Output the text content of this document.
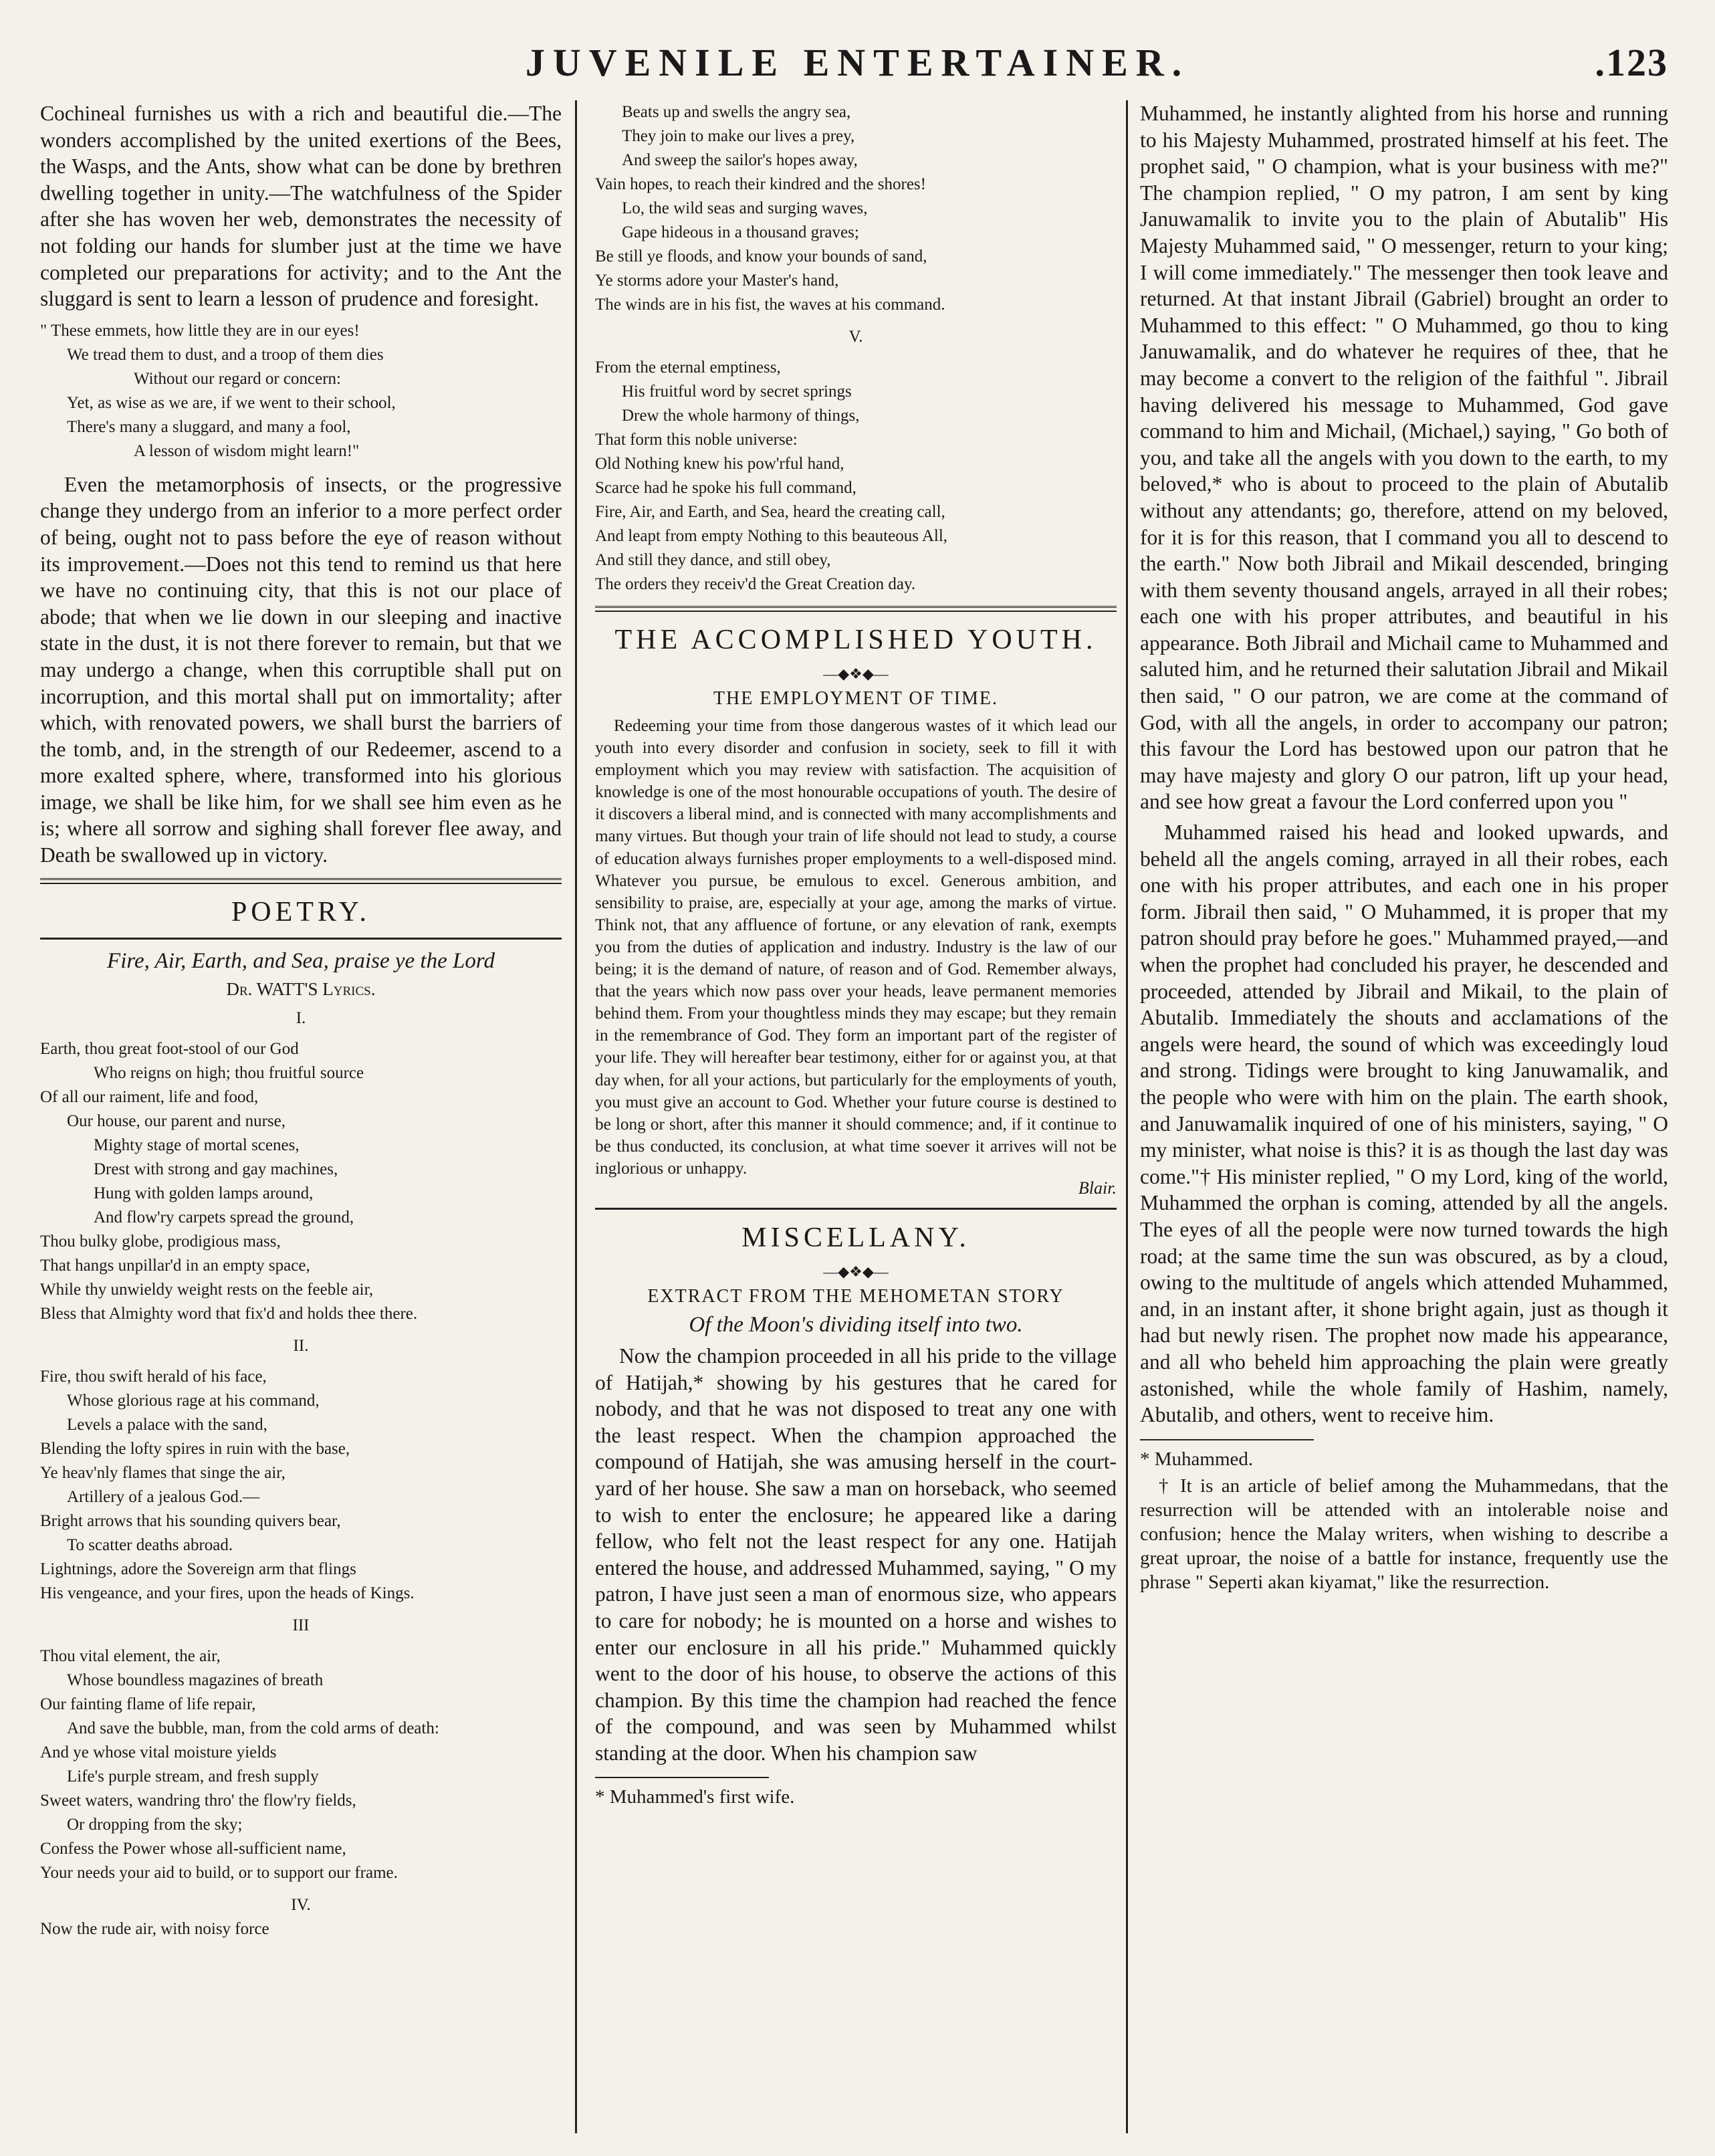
JUVENILE ENTERTAINER.	.123

Cochineal furnishes us with a rich and beautiful die.—The wonders accomplished by the united exertions of the Bees, the Wasps, and the Ants, show what can be done by brethren dwelling together in unity.—The watchfulness of the Spider after she has woven her web, demonstrates the necessity of not folding our hands for slumber just at the time we have completed our preparations for activity; and to the Ant the sluggard is sent to learn a lesson of prudence and foresight.

" These emmets, how little they are in our eyes!
We tread them to dust, and a troop of them dies
Without our regard or concern:
Yet, as wise as we are, if we went to their school,
There's many a sluggard, and many a fool,
A lesson of wisdom might learn!"

Even the metamorphosis of insects, or the progressive change they undergo from an inferior to a more perfect order of being, ought not to pass before the eye of reason without its improvement.—Does not this tend to remind us that here we have no continuing city, that this is not our place of abode; that when we lie down in our sleeping and inactive state in the dust, it is not there forever to remain, but that we may undergo a change, when this corruptible shall put on incorruption, and this mortal shall put on immortality; after which, with renovated powers, we shall burst the barriers of the tomb, and, in the strength of our Redeemer, ascend to a more exalted sphere, where, transformed into his glorious image, we shall be like him, for we shall see him even as he is; where all sorrow and sighing shall forever flee away, and Death be swallowed up in victory.

POETRY.
Fire, Air, Earth, and Sea, praise ye the Lord
Dr. WATT'S Lyrics.
I.
Earth, thou great foot-stool of our God
Who reigns on high; thou fruitful source
Of all our raiment, life and food,
Our house, our parent and nurse,
Mighty stage of mortal scenes,
Drest with strong and gay machines,
Hung with golden lamps around,
And flow'ry carpets spread the ground,
Thou bulky globe, prodigious mass,
That hangs unpillar'd in an empty space,
While thy unwieldy weight rests on the feeble air,
Bless that Almighty word that fix'd and holds thee there.
II.
Fire, thou swift herald of his face,
Whose glorious rage at his command,
Levels a palace with the sand,
Blending the lofty spires in ruin with the base,
Ye heav'nly flames that singe the air,
Artillery of a jealous God.—
Bright arrows that his sounding quivers bear,
To scatter deaths abroad.
Lightnings, adore the Sovereign arm that flings
His vengeance, and your fires, upon the heads of Kings.
III
Thou vital element, the air,
Whose boundless magazines of breath
Our fainting flame of life repair,
And save the bubble, man, from the cold arms of death:
And ye whose vital moisture yields
Life's purple stream, and fresh supply
Sweet waters, wandring thro' the flow'ry fields,
Or dropping from the sky;
Confess the Power whose all-sufficient name,
Your needs your aid to build, or to support our frame.
IV.
Now the rude air, with noisy force
Beats up and swells the angry sea,
They join to make our lives a prey,
And sweep the sailor's hopes away,
Vain hopes, to reach their kindred and the shores!
Lo, the wild seas and surging waves,
Gape hideous in a thousand graves;
Be still ye floods, and know your bounds of sand,
Ye storms adore your Master's hand,
The winds are in his fist, the waves at his command.
V.
From the eternal emptiness,
His fruitful word by secret springs
Drew the whole harmony of things,
That form this noble universe:
Old Nothing knew his pow'rful hand,
Scarce had he spoke his full command,
Fire, Air, and Earth, and Sea, heard the creating call,
And leapt from empty Nothing to this beauteous All,
And still they dance, and still obey,
The orders they receiv'd the Great Creation day.
THE ACCOMPLISHED YOUTH.
—◆❖◆—
THE EMPLOYMENT OF TIME.

Redeeming your time from those dangerous wastes of it which lead our youth into every disorder and confusion in society, seek to fill it with employment which you may review with satisfaction. The acquisition of knowledge is one of the most honourable occupations of youth. The desire of it discovers a liberal mind, and is connected with many accomplishments and many virtues. But though your train of life should not lead to study, a course of education always furnishes proper employments to a well-disposed mind. Whatever you pursue, be emulous to excel. Generous ambition, and sensibility to praise, are, especially at your age, among the marks of virtue. Think not, that any affluence of fortune, or any elevation of rank, exempts you from the duties of application and industry. Industry is the law of our being; it is the demand of nature, of reason and of God. Remember always, that the years which now pass over your heads, leave permanent memories behind them. From your thoughtless minds they may escape; but they remain in the remembrance of God. They form an important part of the register of your life. They will hereafter bear testimony, either for or against you, at that day when, for all your actions, but particularly for the employments of youth, you must give an account to God. Whether your future course is destined to be long or short, after this manner it should commence; and, if it continue to be thus conducted, its conclusion, at what time soever it arrives will not be inglorious or unhappy.

Blair.
MISCELLANY.
—◆❖◆—
EXTRACT FROM THE MEHOMETAN STORY
Of the Moon's dividing itself into two.

Now the champion proceeded in all his pride to the village of Hatijah,* showing by his gestures that he cared for nobody, and that he was not disposed to treat any one with the least respect. When the champion approached the compound of Hatijah, she was amusing herself in the court-yard of her house. She saw a man on horseback, who seemed to wish to enter the enclosure; he appeared like a daring fellow, who felt not the least respect for any one. Hatijah entered the house, and addressed Muhammed, saying, " O my patron, I have just seen a man of enormous size, who appears to care for nobody; he is mounted on a horse and wishes to enter our enclosure in all his pride." Muhammed quickly went to the door of his house, to observe the actions of this champion. By this time the champion had reached the fence of the compound, and was seen by Muhammed whilst standing at the door. When his champion saw

* Muhammed's first wife.

Muhammed, he instantly alighted from his horse and running to his Majesty Muhammed, prostrated himself at his feet. The prophet said, " O champion, what is your business with me?" The champion replied, " O my patron, I am sent by king Januwamalik to invite you to the plain of Abutalib" His Majesty Muhammed said, " O messenger, return to your king; I will come immediately." The messenger then took leave and returned. At that instant Jibrail (Gabriel) brought an order to Muhammed to this effect: " O Muhammed, go thou to king Januwamalik, and do whatever he requires of thee, that he may become a convert to the religion of the faithful ". Jibrail having delivered his message to Muhammed, God gave command to him and Michail, (Michael,) saying, " Go both of you, and take all the angels with you down to the earth, to my beloved,* who is about to proceed to the plain of Abutalib without any attendants; go, therefore, attend on my beloved, for it is for this reason, that I command you all to descend to the earth." Now both Jibrail and Mikail descended, bringing with them seventy thousand angels, arrayed in all their robes; each one with his proper attributes, and beautiful in his appearance. Both Jibrail and Michail came to Muhammed and saluted him, and he returned their salutation Jibrail and Mikail then said, " O our patron, we are come at the command of God, with all the angels, in order to accompany our patron; this favour the Lord has bestowed upon our patron that he may have majesty and glory O our patron, lift up your head, and see how great a favour the Lord conferred upon you "

Muhammed raised his head and looked upwards, and beheld all the angels coming, arrayed in all their robes, each one with his proper attributes, and each one in his proper form. Jibrail then said, " O Muhammed, it is proper that my patron should pray before he goes." Muhammed prayed,—and when the prophet had concluded his prayer, he descended and proceeded, attended by Jibrail and Mikail, to the plain of Abutalib. Immediately the shouts and acclamations of the angels were heard, the sound of which was exceedingly loud and strong. Tidings were brought to king Januwamalik, and the people who were with him on the plain. The earth shook, and Januwamalik inquired of one of his ministers, saying, " O my minister, what noise is this? it is as though the last day was come."† His minister replied, " O my Lord, king of the world, Muhammed the orphan is coming, attended by all the angels. The eyes of all the people were now turned towards the high road; at the same time the sun was obscured, as by a cloud, owing to the multitude of angels which attended Muhammed, and, in an instant after, it shone bright again, just as though it had but newly risen. The prophet now made his appearance, and all who beheld him approaching the plain were greatly astonished, while the whole family of Hashim, namely, Abutalib, and others, went to receive him.

* Muhammed.

† It is an article of belief among the Muhammedans, that the resurrection will be attended with an intolerable noise and confusion; hence the Malay writers, when wishing to describe a great uproar, the noise of a battle for instance, frequently use the phrase " Seperti akan kiyamat," like the resurrection.
